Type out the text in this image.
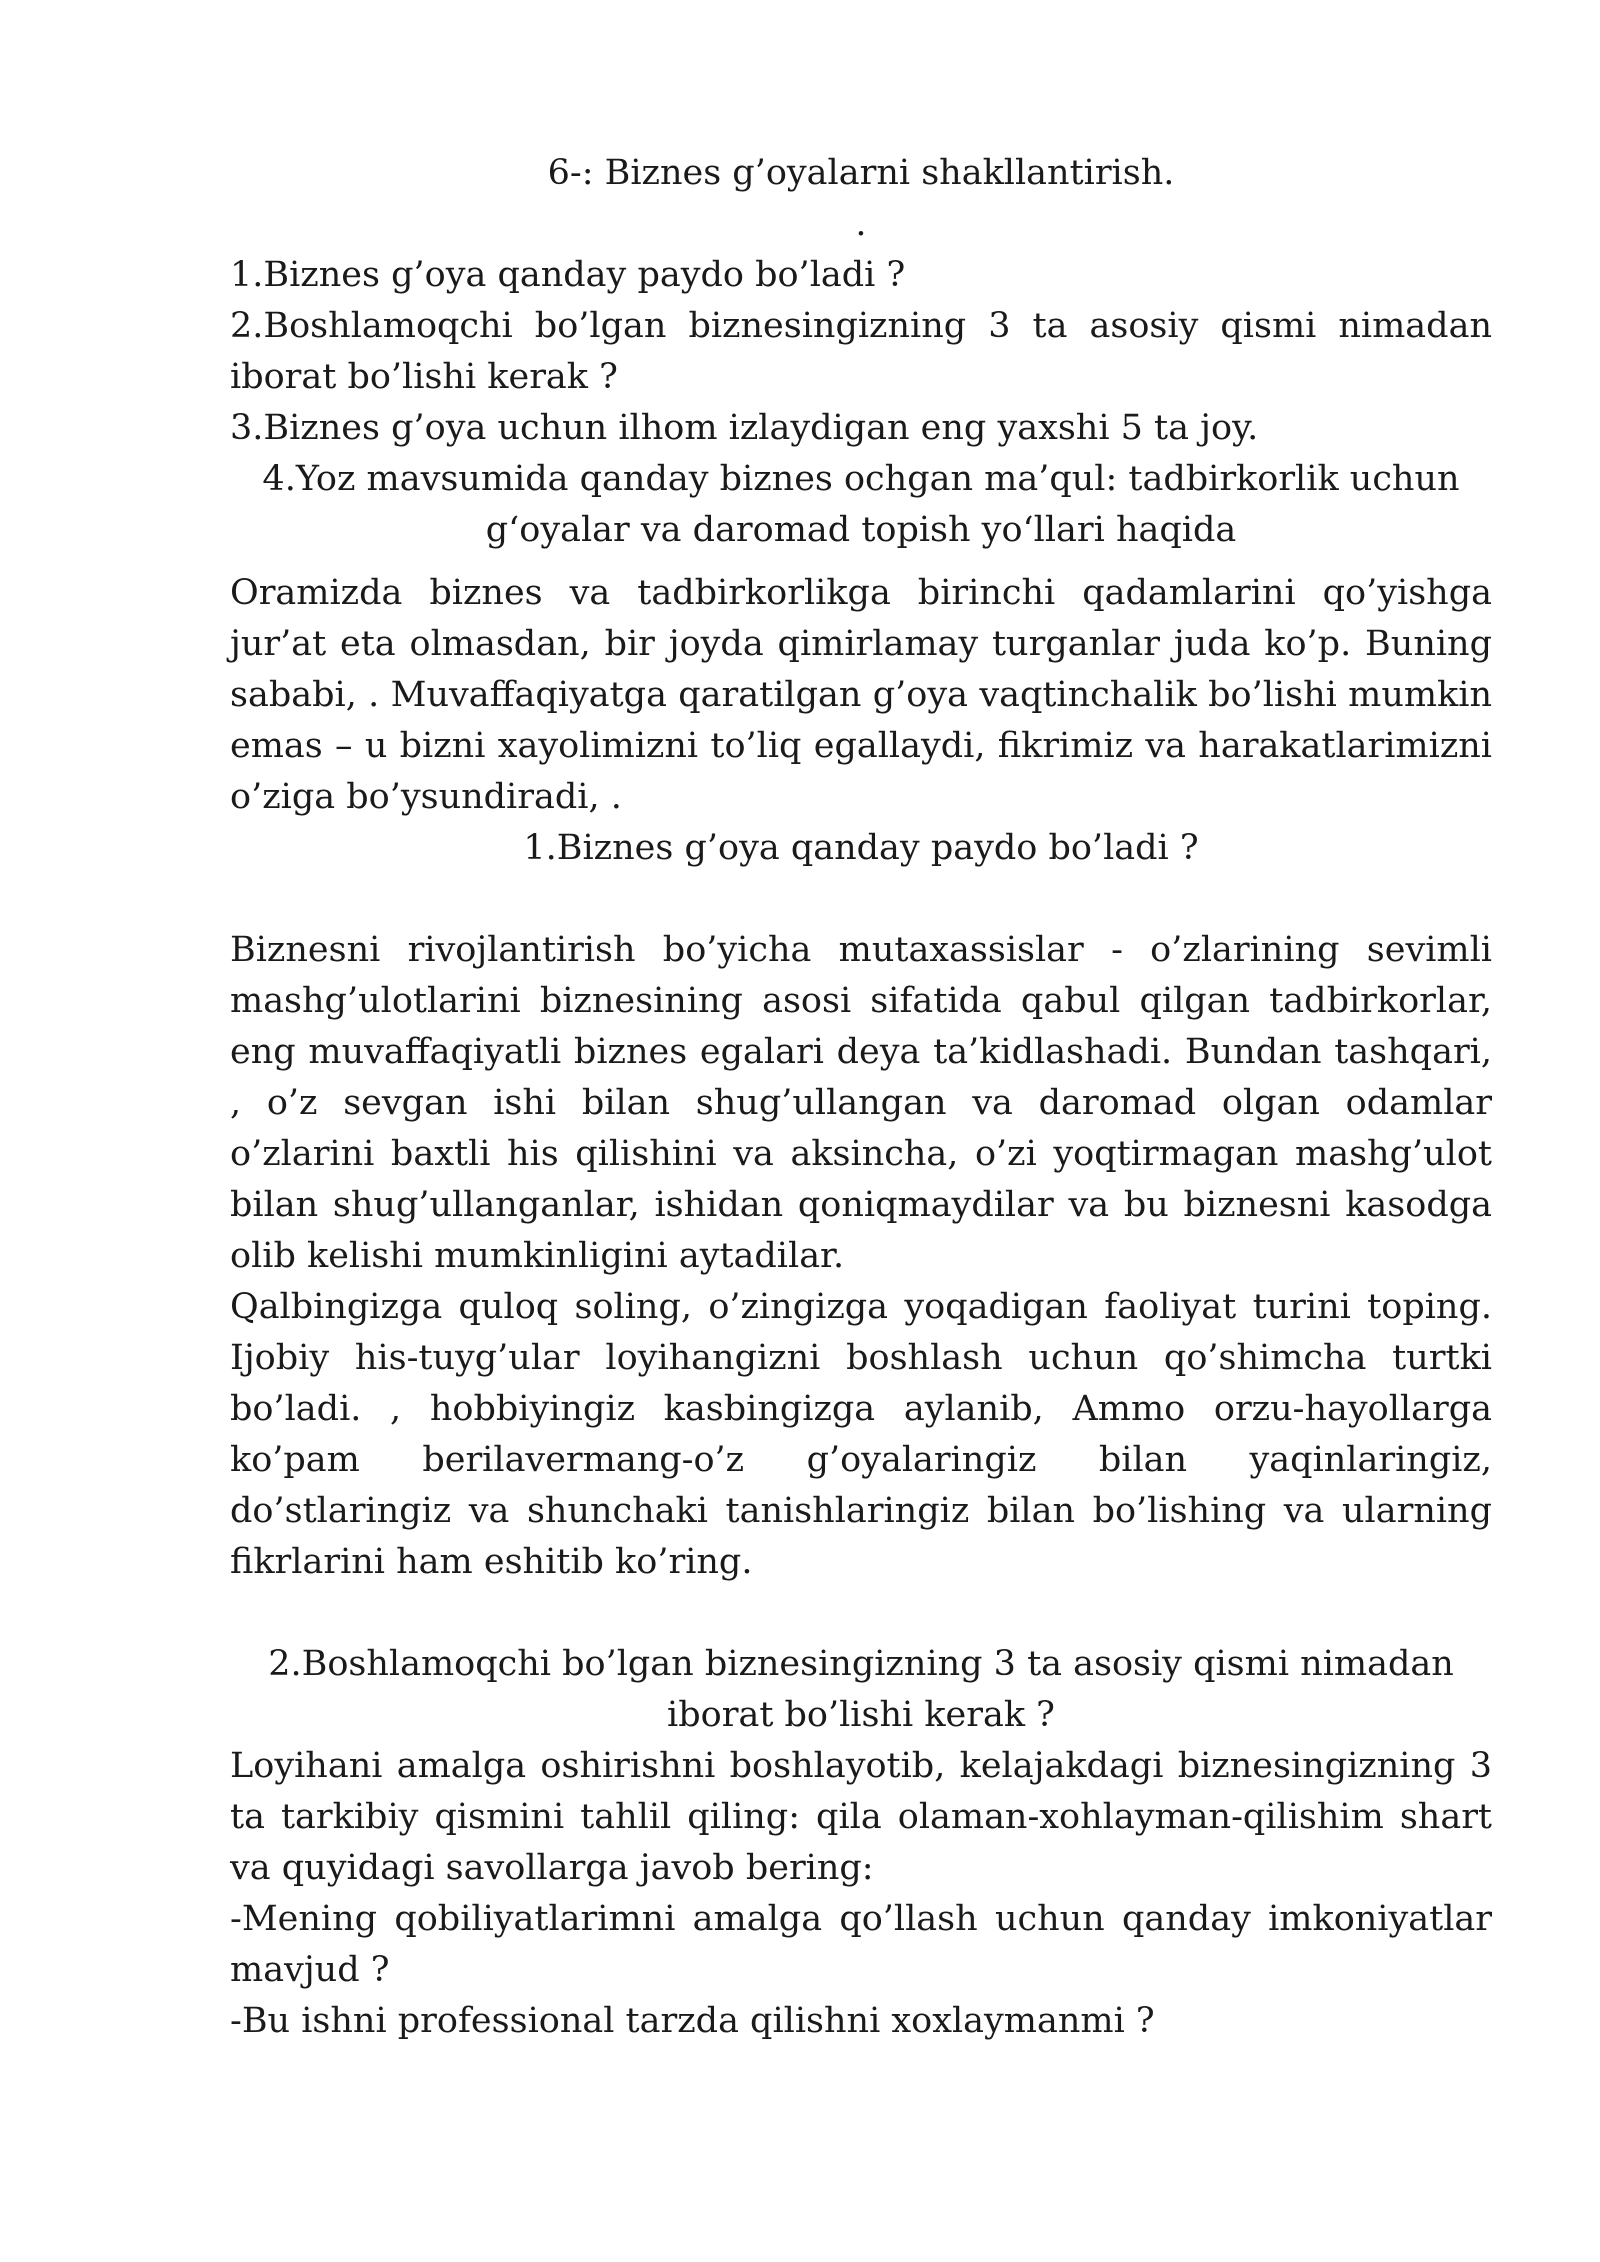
6-: Biznes g’oyalarni shakllantirish.

.

1.Biznes g’oya qanday paydo bo’ladi ?

2.Boshlamoqchi bo’lgan biznesingizning 3 ta asosiy qismi nimadan iborat bo’lishi kerak ?

3.Biznes g’oya uchun ilhom izlaydigan eng yaxshi 5 ta joy.

4.Yoz mavsumida qanday biznes ochgan ma’qul: tadbirkorlik uchun g‘oyalar va daromad topish yo‘llari haqida

Oramizda biznes va tadbirkorlikga birinchi qadamlarini qo’yishga jur’at eta olmasdan, bir joyda qimirlamay turganlar juda ko’p. Buning sababi, . Muvaffaqiyatga qaratilgan g’oya vaqtinchalik bo’lishi mumkin emas – u bizni xayolimizni to’liq egallaydi, fikrimiz va harakatlarimizni o’ziga bo’ysundiradi, .

1.Biznes g’oya qanday paydo bo’ladi ?

Biznesni rivojlantirish bo’yicha mutaxassislar - o’zlarining sevimli mashg’ulotlarini biznesining asosi sifatida qabul qilgan tadbirkorlar, eng muvaffaqiyatli biznes egalari deya ta’kidlashadi. Bundan tashqari, , o’z sevgan ishi bilan shug’ullangan va daromad olgan odamlar o’zlarini baxtli his qilishini va aksincha, o’zi yoqtirmagan mashg’ulot bilan shug’ullanganlar, ishidan qoniqmaydilar va bu biznesni kasodga olib kelishi mumkinligini aytadilar.

Qalbingizga quloq soling, o’zingizga yoqadigan faoliyat turini toping. Ijobiy his-tuyg’ular loyihangizni boshlash uchun qo’shimcha turtki bo’ladi. , hobbiyingiz kasbingizga aylanib, Ammo orzu-hayollarga ko’pam berilavermang-o’z g’oyalaringiz bilan yaqinlaringiz, do’stlaringiz va shunchaki tanishlaringiz bilan bo’lishing va ularning fikrlarini ham eshitib ko’ring.

2.Boshlamoqchi bo’lgan biznesingizning 3 ta asosiy qismi nimadan iborat bo’lishi kerak ?

Loyihani amalga oshirishni boshlayotib, kelajakdagi biznesingizning 3 ta tarkibiy qismini tahlil qiling: qila olaman-xohlayman-qilishim shart va quyidagi savollarga javob bering:

-Mening qobiliyatlarimni amalga qo’llash uchun qanday imkoniyatlar mavjud ?

-Bu ishni professional tarzda qilishni xoxlaymanmi ?
